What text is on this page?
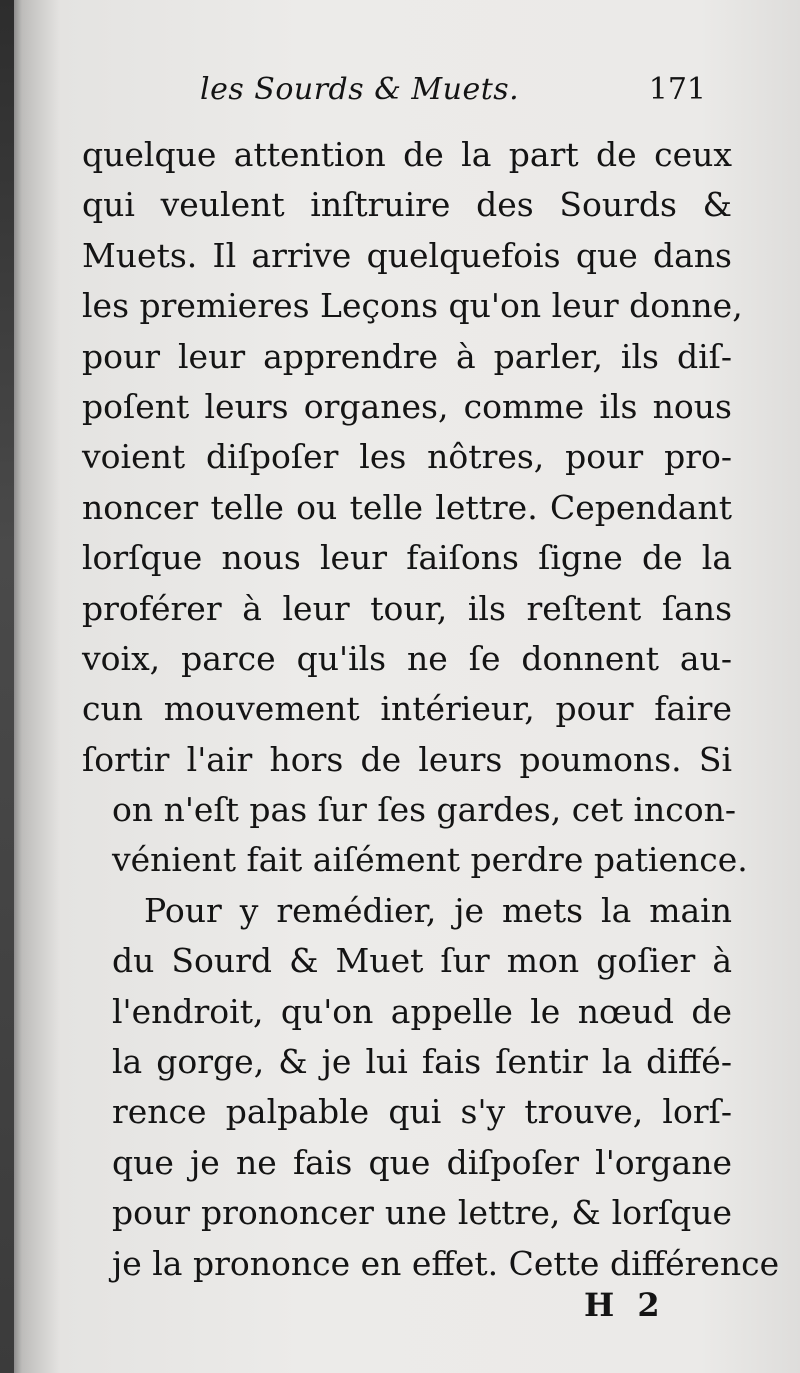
les Sourds & Muets.	171
quelque attention de la part de ceux
qui veulent inſtruire des Sourds &
Muets. Il arrive quelquefois que dans
les premieres Leçons qu'on leur donne,
pour leur apprendre à parler, ils diſ-
poſent leurs organes, comme ils nous
voient diſpoſer les nôtres, pour pro-
noncer telle ou telle lettre. Cependant
lorſque nous leur faiſons ſigne de la
proférer à leur tour, ils reſtent ſans
voix, parce qu'ils ne ſe donnent au-
cun mouvement intérieur, pour faire
ſortir l'air hors de leurs poumons. Si
on n'eſt pas ſur ſes gardes, cet incon-
vénient fait aiſément perdre patience.
Pour y remédier, je mets la main
du Sourd & Muet ſur mon goſier à
l'endroit, qu'on appelle le nœud de
la gorge, & je lui fais ſentir la diffé-
rence palpable qui s'y trouve, lorſ-
que je ne fais que diſpoſer l'organe
pour prononcer une lettre, & lorſque
je la prononce en effet. Cette différence
H 2
